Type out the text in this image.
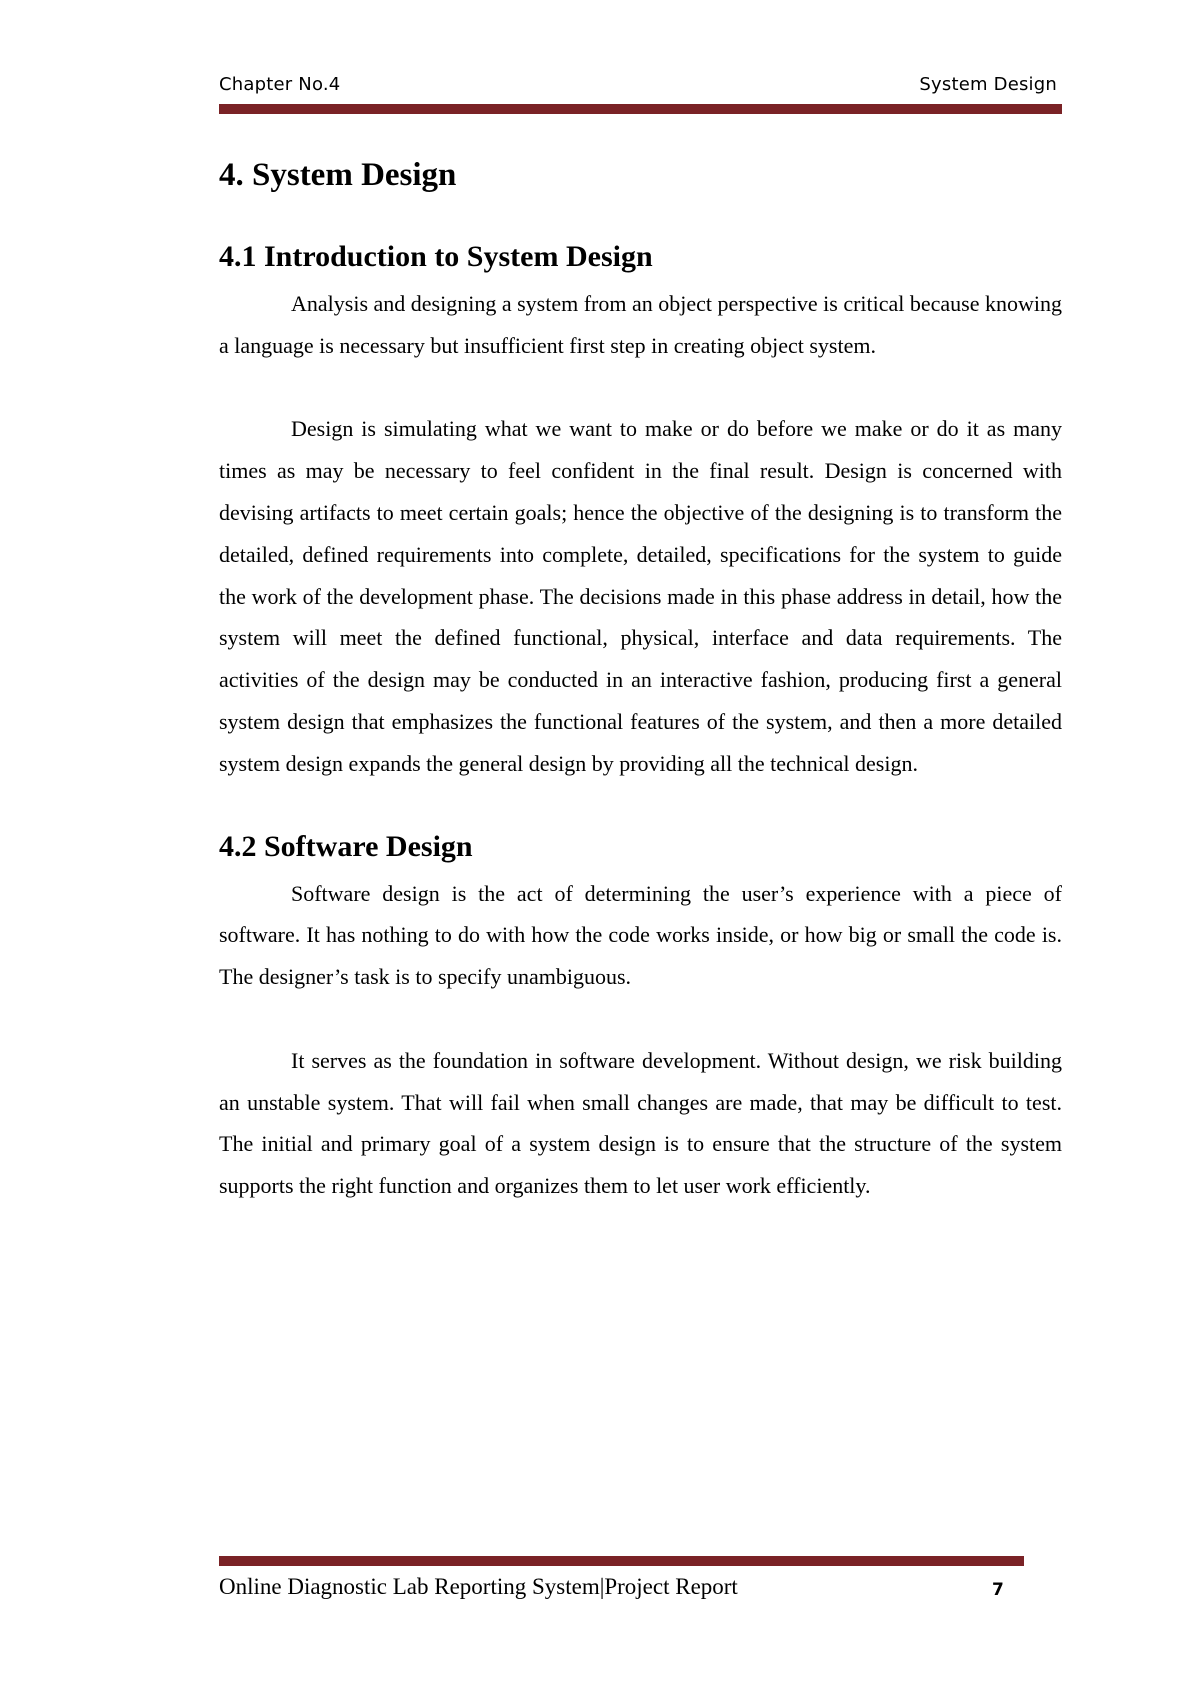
Chapter No.4	System Design
4. System Design
4.1 Introduction to System Design

Analysis and designing a system from an object perspective is critical because knowing a language is necessary but insufficient first step in creating object system.

Design is simulating what we want to make or do before we make or do it as many times as may be necessary to feel confident in the final result. Design is concerned with devising artifacts to meet certain goals; hence the objective of the designing is to transform the detailed, defined requirements into complete, detailed, specifications for the system to guide the work of the development phase. The decisions made in this phase address in detail, how the system will meet the defined functional, physical, interface and data requirements. The activities of the design may be conducted in an interactive fashion, producing first a general system design that emphasizes the functional features of the system, and then a more detailed system design expands the general design by providing all the technical design.

4.2 Software Design

Software design is the act of determining the user’s experience with a piece of software. It has nothing to do with how the code works inside, or how big or small the code is. The designer’s task is to specify unambiguous.

It serves as the foundation in software development. Without design, we risk building an unstable system. That will fail when small changes are made, that may be difficult to test. The initial and primary goal of a system design is to ensure that the structure of the system supports the right function and organizes them to let user work efficiently.

Online Diagnostic Lab Reporting System|Project Report	7
